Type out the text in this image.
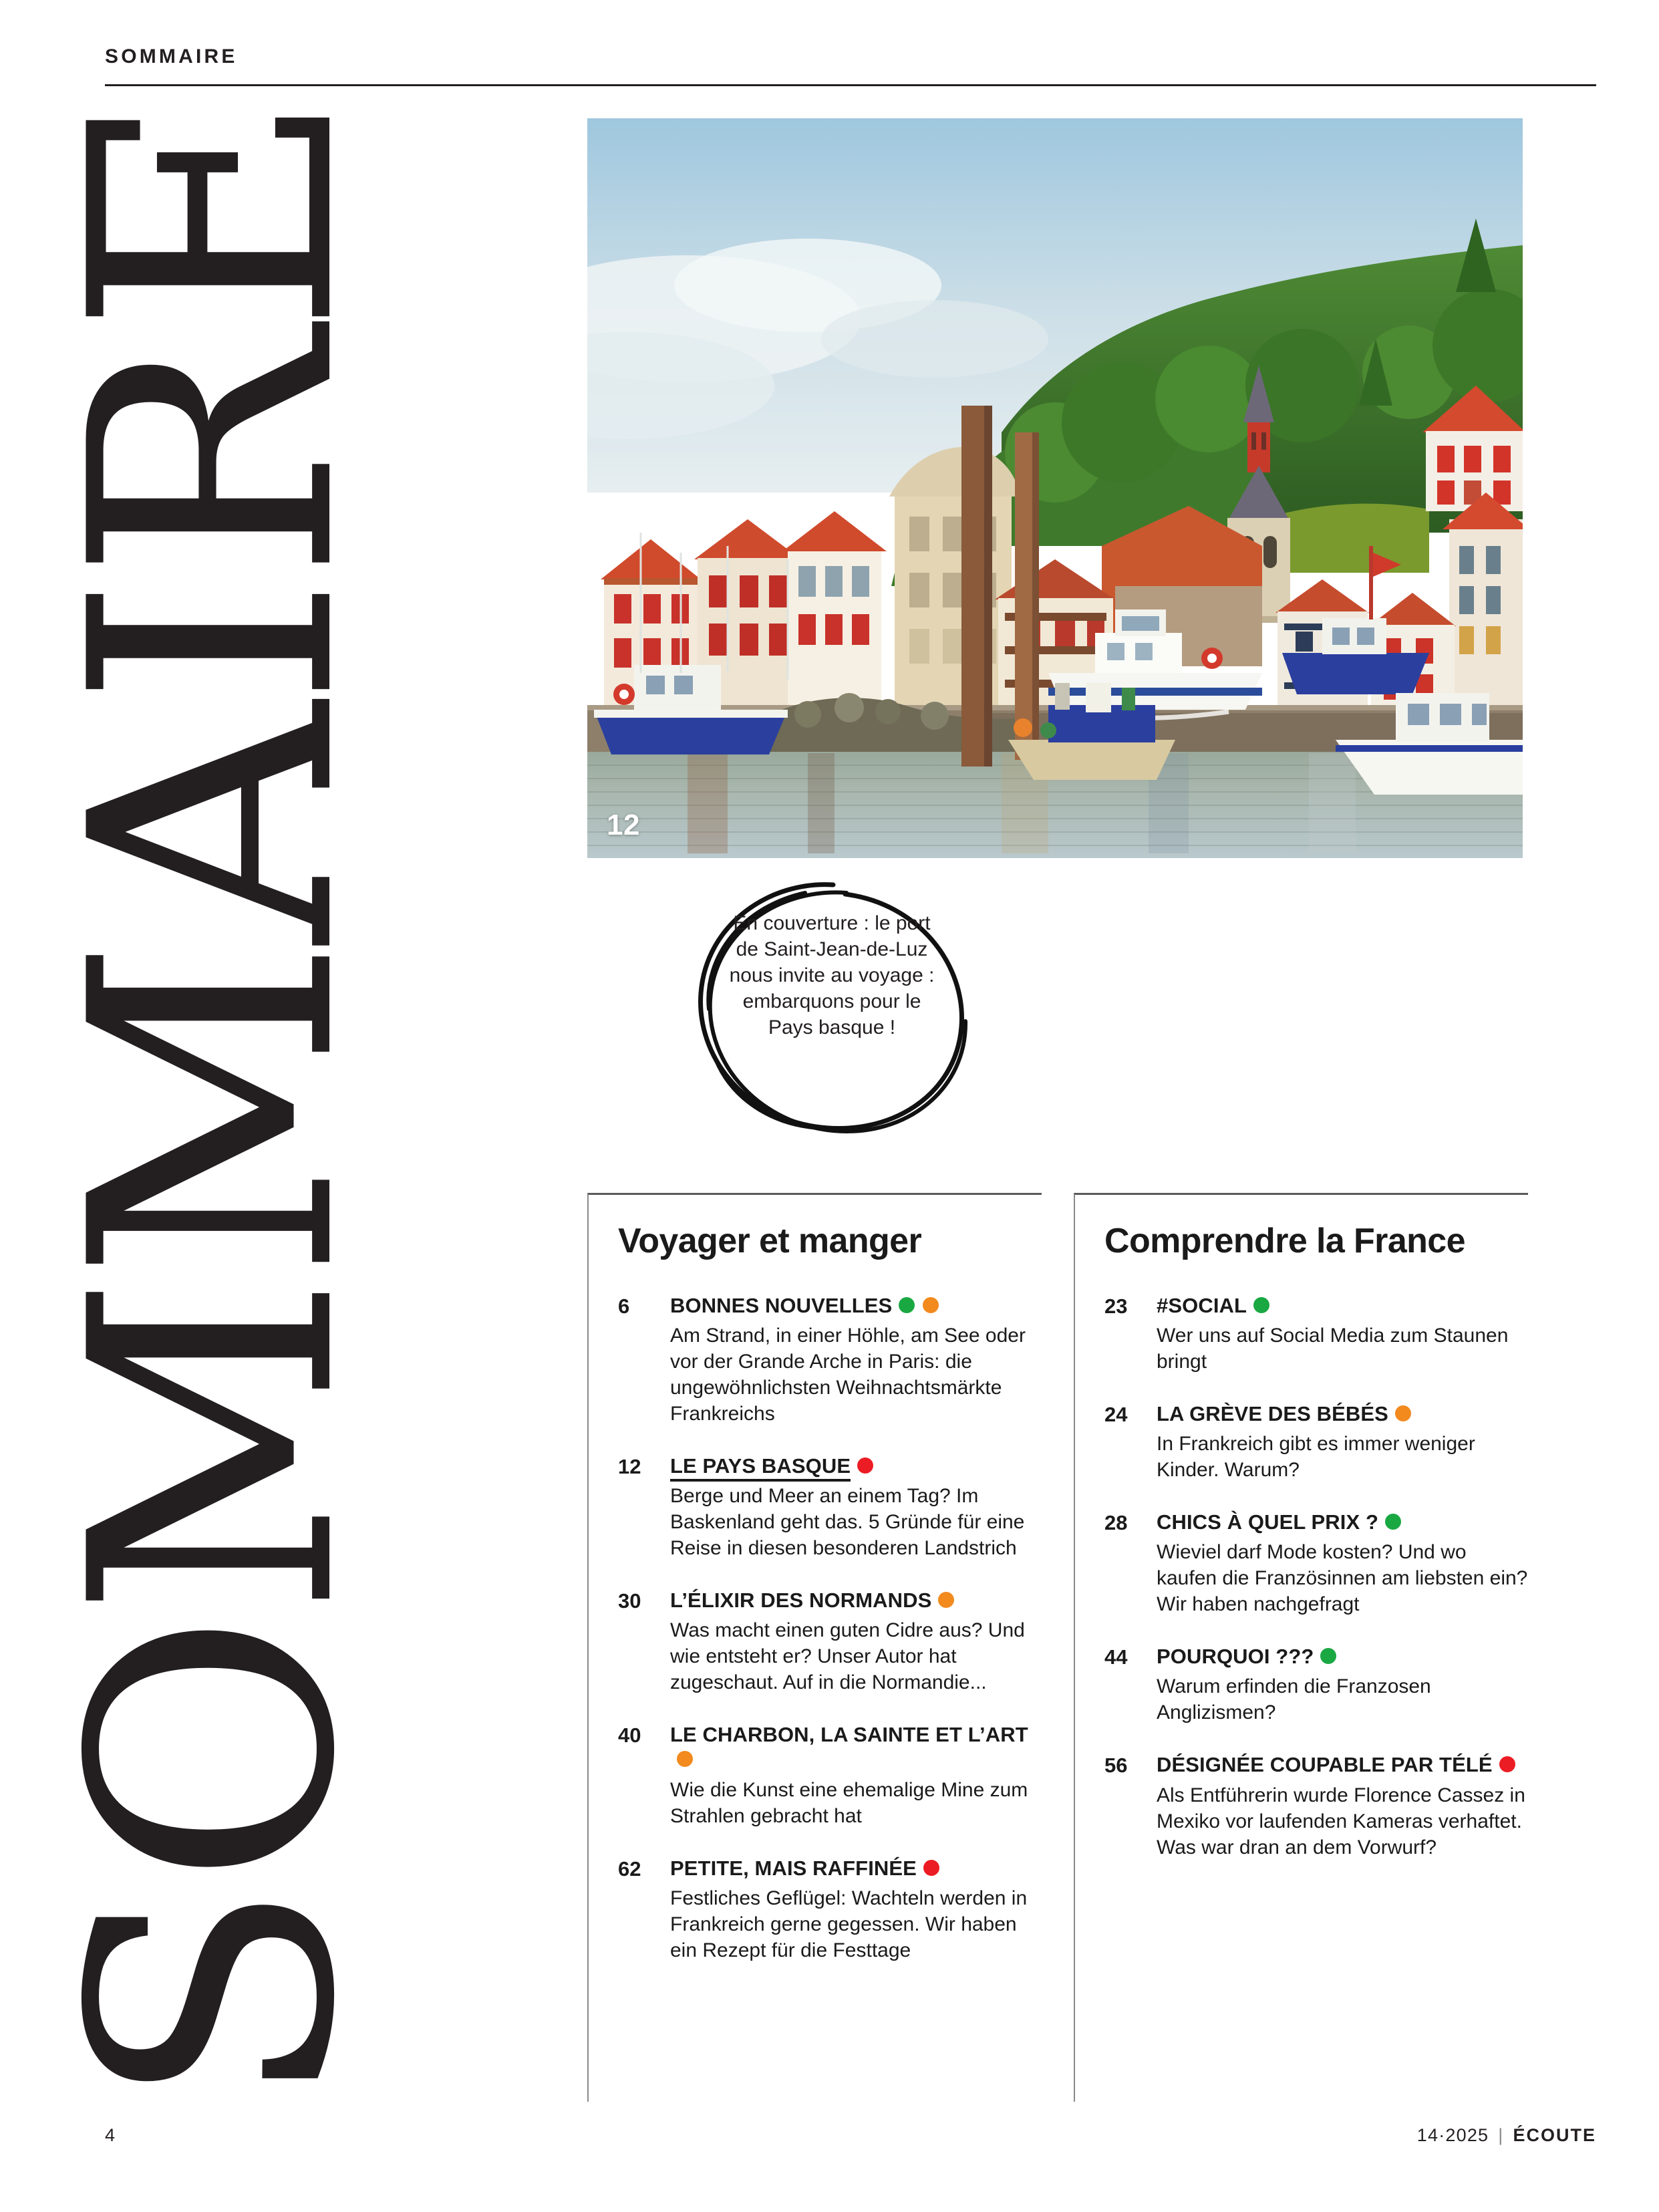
SOMMAIRE
SOMMAIRE	12
En couverture : le port de Saint-Jean-de-Luz nous invite au voyage : embarquons pour le Pays basque !
Voyager et manger
6	BONNES NOUVELLES
Am Strand, in einer Höhle, am See oder vor der Grande Arche in Paris: die ungewöhnlichsten Weihnachtsmärkte Frankreichs
12	LE PAYS BASQUE
Berge und Meer an einem Tag? Im Baskenland geht das. 5 Gründe für eine Reise in diesen besonderen Landstrich
30	L’ÉLIXIR DES NORMANDS
Was macht einen guten Cidre aus? Und wie entsteht er? Unser Autor hat zugeschaut. Auf in die Normandie...
40	LE CHARBON, LA SAINTE ET L’ART
Wie die Kunst eine ehemalige Mine zum Strahlen gebracht hat
62	PETITE, MAIS RAFFINÉE
Festliches Geflügel: Wachteln werden in Frankreich gerne gegessen. Wir haben ein Rezept für die Festtage
Comprendre la France
23	#SOCIAL
Wer uns auf Social Media zum Staunen bringt
24	LA GRÈVE DES BÉBÉS
In Frankreich gibt es immer weniger Kinder. Warum?
28	CHICS À QUEL PRIX ?
Wieviel darf Mode kosten? Und wo kaufen die Französinnen am liebsten ein? Wir haben nachgefragt
44	POURQUOI ???
Warum erfinden die Franzosen Anglizismen?
56	DÉSIGNÉE COUPABLE PAR TÉLÉ
Als Entführerin wurde Florence Cassez in Mexiko vor laufenden Kameras verhaftet. Was war dran an dem Vorwurf?
4	14·2025 | ÉCOUTE
